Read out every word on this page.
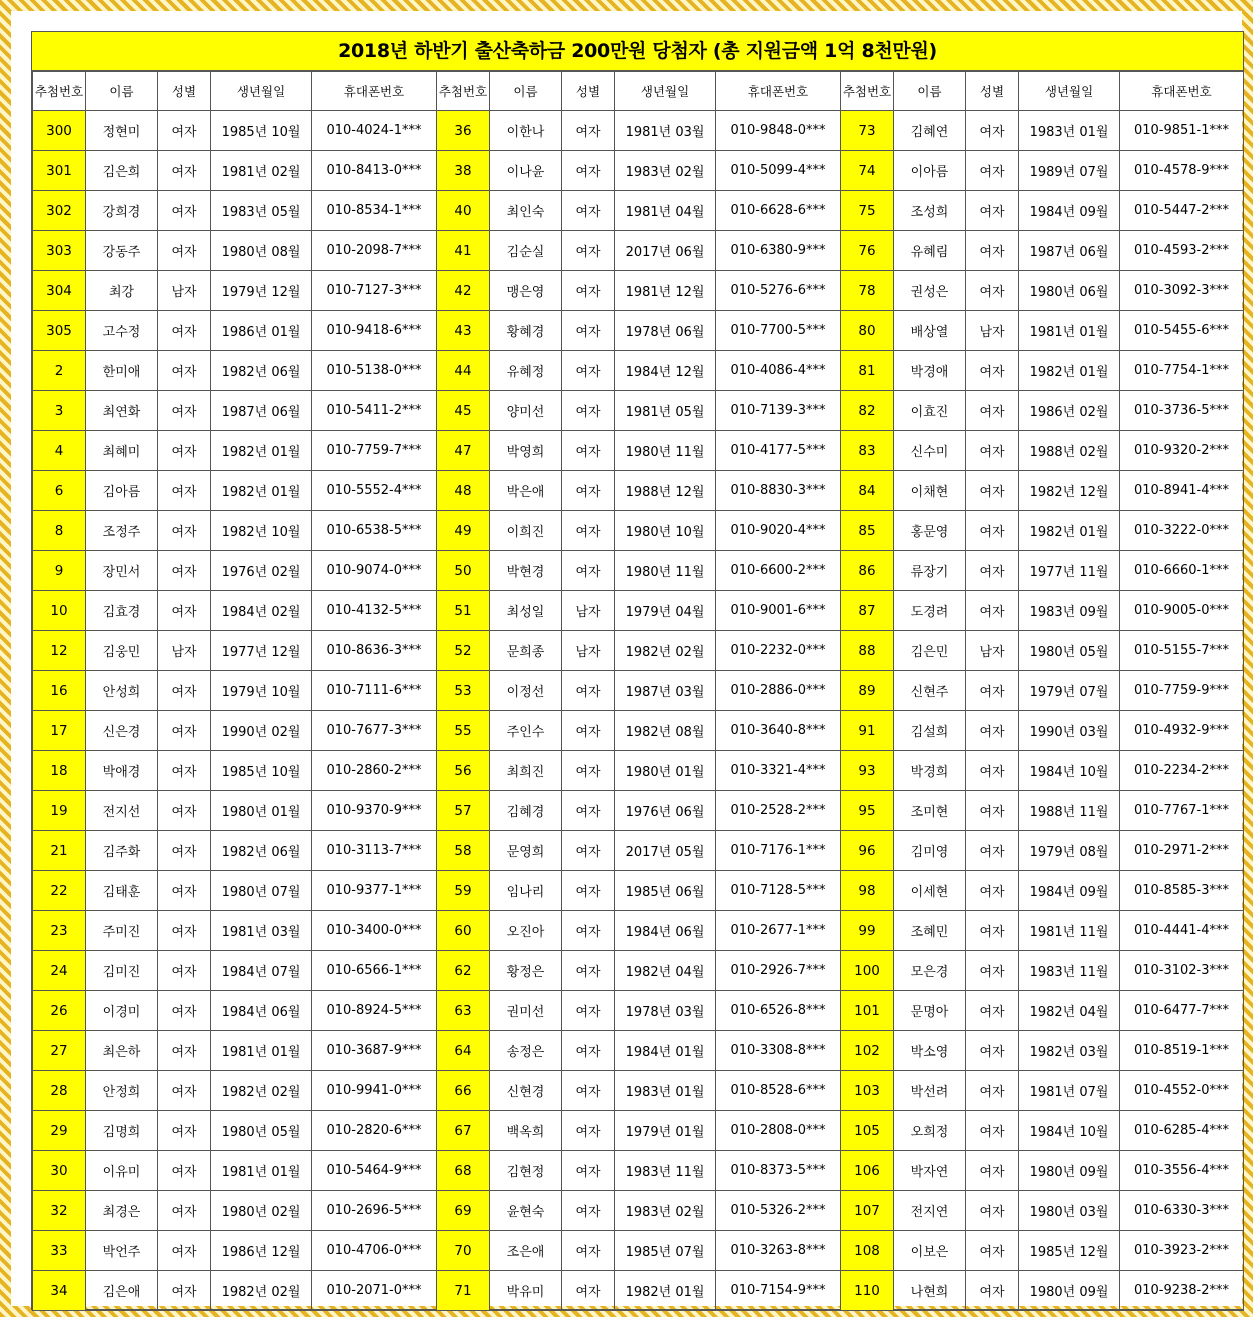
2018년 하반기 출산축하금 200만원 당첨자 (총 지원금액 1억 8천만원)
추첨번호	이름	성별	생년월일	휴대폰번호	추첨번호	이름	성별	생년월일	휴대폰번호	추첨번호	이름	성별	생년월일	휴대폰번호
300	정현미	여자	1985년 10월	010-4024-1***	36	이한나	여자	1981년 03월	010-9848-0***	73	김혜연	여자	1983년 01월	010-9851-1***
301	김은희	여자	1981년 02월	010-8413-0***	38	이나윤	여자	1983년 02월	010-5099-4***	74	이아름	여자	1989년 07월	010-4578-9***
302	강희경	여자	1983년 05월	010-8534-1***	40	최인숙	여자	1981년 04월	010-6628-6***	75	조성희	여자	1984년 09월	010-5447-2***
303	강동주	여자	1980년 08월	010-2098-7***	41	김순실	여자	2017년 06월	010-6380-9***	76	유혜림	여자	1987년 06월	010-4593-2***
304	최강	남자	1979년 12월	010-7127-3***	42	맹은영	여자	1981년 12월	010-5276-6***	78	권성은	여자	1980년 06월	010-3092-3***
305	고수정	여자	1986년 01월	010-9418-6***	43	황혜경	여자	1978년 06월	010-7700-5***	80	배상열	남자	1981년 01월	010-5455-6***
2	한미애	여자	1982년 06월	010-5138-0***	44	유혜정	여자	1984년 12월	010-4086-4***	81	박경애	여자	1982년 01월	010-7754-1***
3	최연화	여자	1987년 06월	010-5411-2***	45	양미선	여자	1981년 05월	010-7139-3***	82	이효진	여자	1986년 02월	010-3736-5***
4	최혜미	여자	1982년 01월	010-7759-7***	47	박영희	여자	1980년 11월	010-4177-5***	83	신수미	여자	1988년 02월	010-9320-2***
6	김아름	여자	1982년 01월	010-5552-4***	48	박은애	여자	1988년 12월	010-8830-3***	84	이채현	여자	1982년 12월	010-8941-4***
8	조정주	여자	1982년 10월	010-6538-5***	49	이희진	여자	1980년 10월	010-9020-4***	85	홍문영	여자	1982년 01월	010-3222-0***
9	장민서	여자	1976년 02월	010-9074-0***	50	박현경	여자	1980년 11월	010-6600-2***	86	류장기	여자	1977년 11월	010-6660-1***
10	김효경	여자	1984년 02월	010-4132-5***	51	최성일	남자	1979년 04월	010-9001-6***	87	도경려	여자	1983년 09월	010-9005-0***
12	김웅민	남자	1977년 12월	010-8636-3***	52	문희종	남자	1982년 02월	010-2232-0***	88	김은민	남자	1980년 05월	010-5155-7***
16	안성희	여자	1979년 10월	010-7111-6***	53	이정선	여자	1987년 03월	010-2886-0***	89	신현주	여자	1979년 07월	010-7759-9***
17	신은경	여자	1990년 02월	010-7677-3***	55	주인수	여자	1982년 08월	010-3640-8***	91	김설희	여자	1990년 03월	010-4932-9***
18	박애경	여자	1985년 10월	010-2860-2***	56	최희진	여자	1980년 01월	010-3321-4***	93	박경희	여자	1984년 10월	010-2234-2***
19	전지선	여자	1980년 01월	010-9370-9***	57	김혜경	여자	1976년 06월	010-2528-2***	95	조미현	여자	1988년 11월	010-7767-1***
21	김주화	여자	1982년 06월	010-3113-7***	58	문영희	여자	2017년 05월	010-7176-1***	96	김미영	여자	1979년 08월	010-2971-2***
22	김태훈	여자	1980년 07월	010-9377-1***	59	임나리	여자	1985년 06월	010-7128-5***	98	이세현	여자	1984년 09월	010-8585-3***
23	주미진	여자	1981년 03월	010-3400-0***	60	오진아	여자	1984년 06월	010-2677-1***	99	조혜민	여자	1981년 11월	010-4441-4***
24	김미진	여자	1984년 07월	010-6566-1***	62	황정은	여자	1982년 04월	010-2926-7***	100	모은경	여자	1983년 11월	010-3102-3***
26	이경미	여자	1984년 06월	010-8924-5***	63	권미선	여자	1978년 03월	010-6526-8***	101	문명아	여자	1982년 04월	010-6477-7***
27	최은하	여자	1981년 01월	010-3687-9***	64	송정은	여자	1984년 01월	010-3308-8***	102	박소영	여자	1982년 03월	010-8519-1***
28	안정희	여자	1982년 02월	010-9941-0***	66	신현경	여자	1983년 01월	010-8528-6***	103	박선려	여자	1981년 07월	010-4552-0***
29	김명희	여자	1980년 05월	010-2820-6***	67	백옥희	여자	1979년 01월	010-2808-0***	105	오희정	여자	1984년 10월	010-6285-4***
30	이유미	여자	1981년 01월	010-5464-9***	68	김현정	여자	1983년 11월	010-8373-5***	106	박자연	여자	1980년 09월	010-3556-4***
32	최경은	여자	1980년 02월	010-2696-5***	69	윤현숙	여자	1983년 02월	010-5326-2***	107	전지연	여자	1980년 03월	010-6330-3***
33	박언주	여자	1986년 12월	010-4706-0***	70	조은애	여자	1985년 07월	010-3263-8***	108	이보은	여자	1985년 12월	010-3923-2***
34	김은애	여자	1982년 02월	010-2071-0***	71	박유미	여자	1982년 01월	010-7154-9***	110	나현희	여자	1980년 09월	010-9238-2***
